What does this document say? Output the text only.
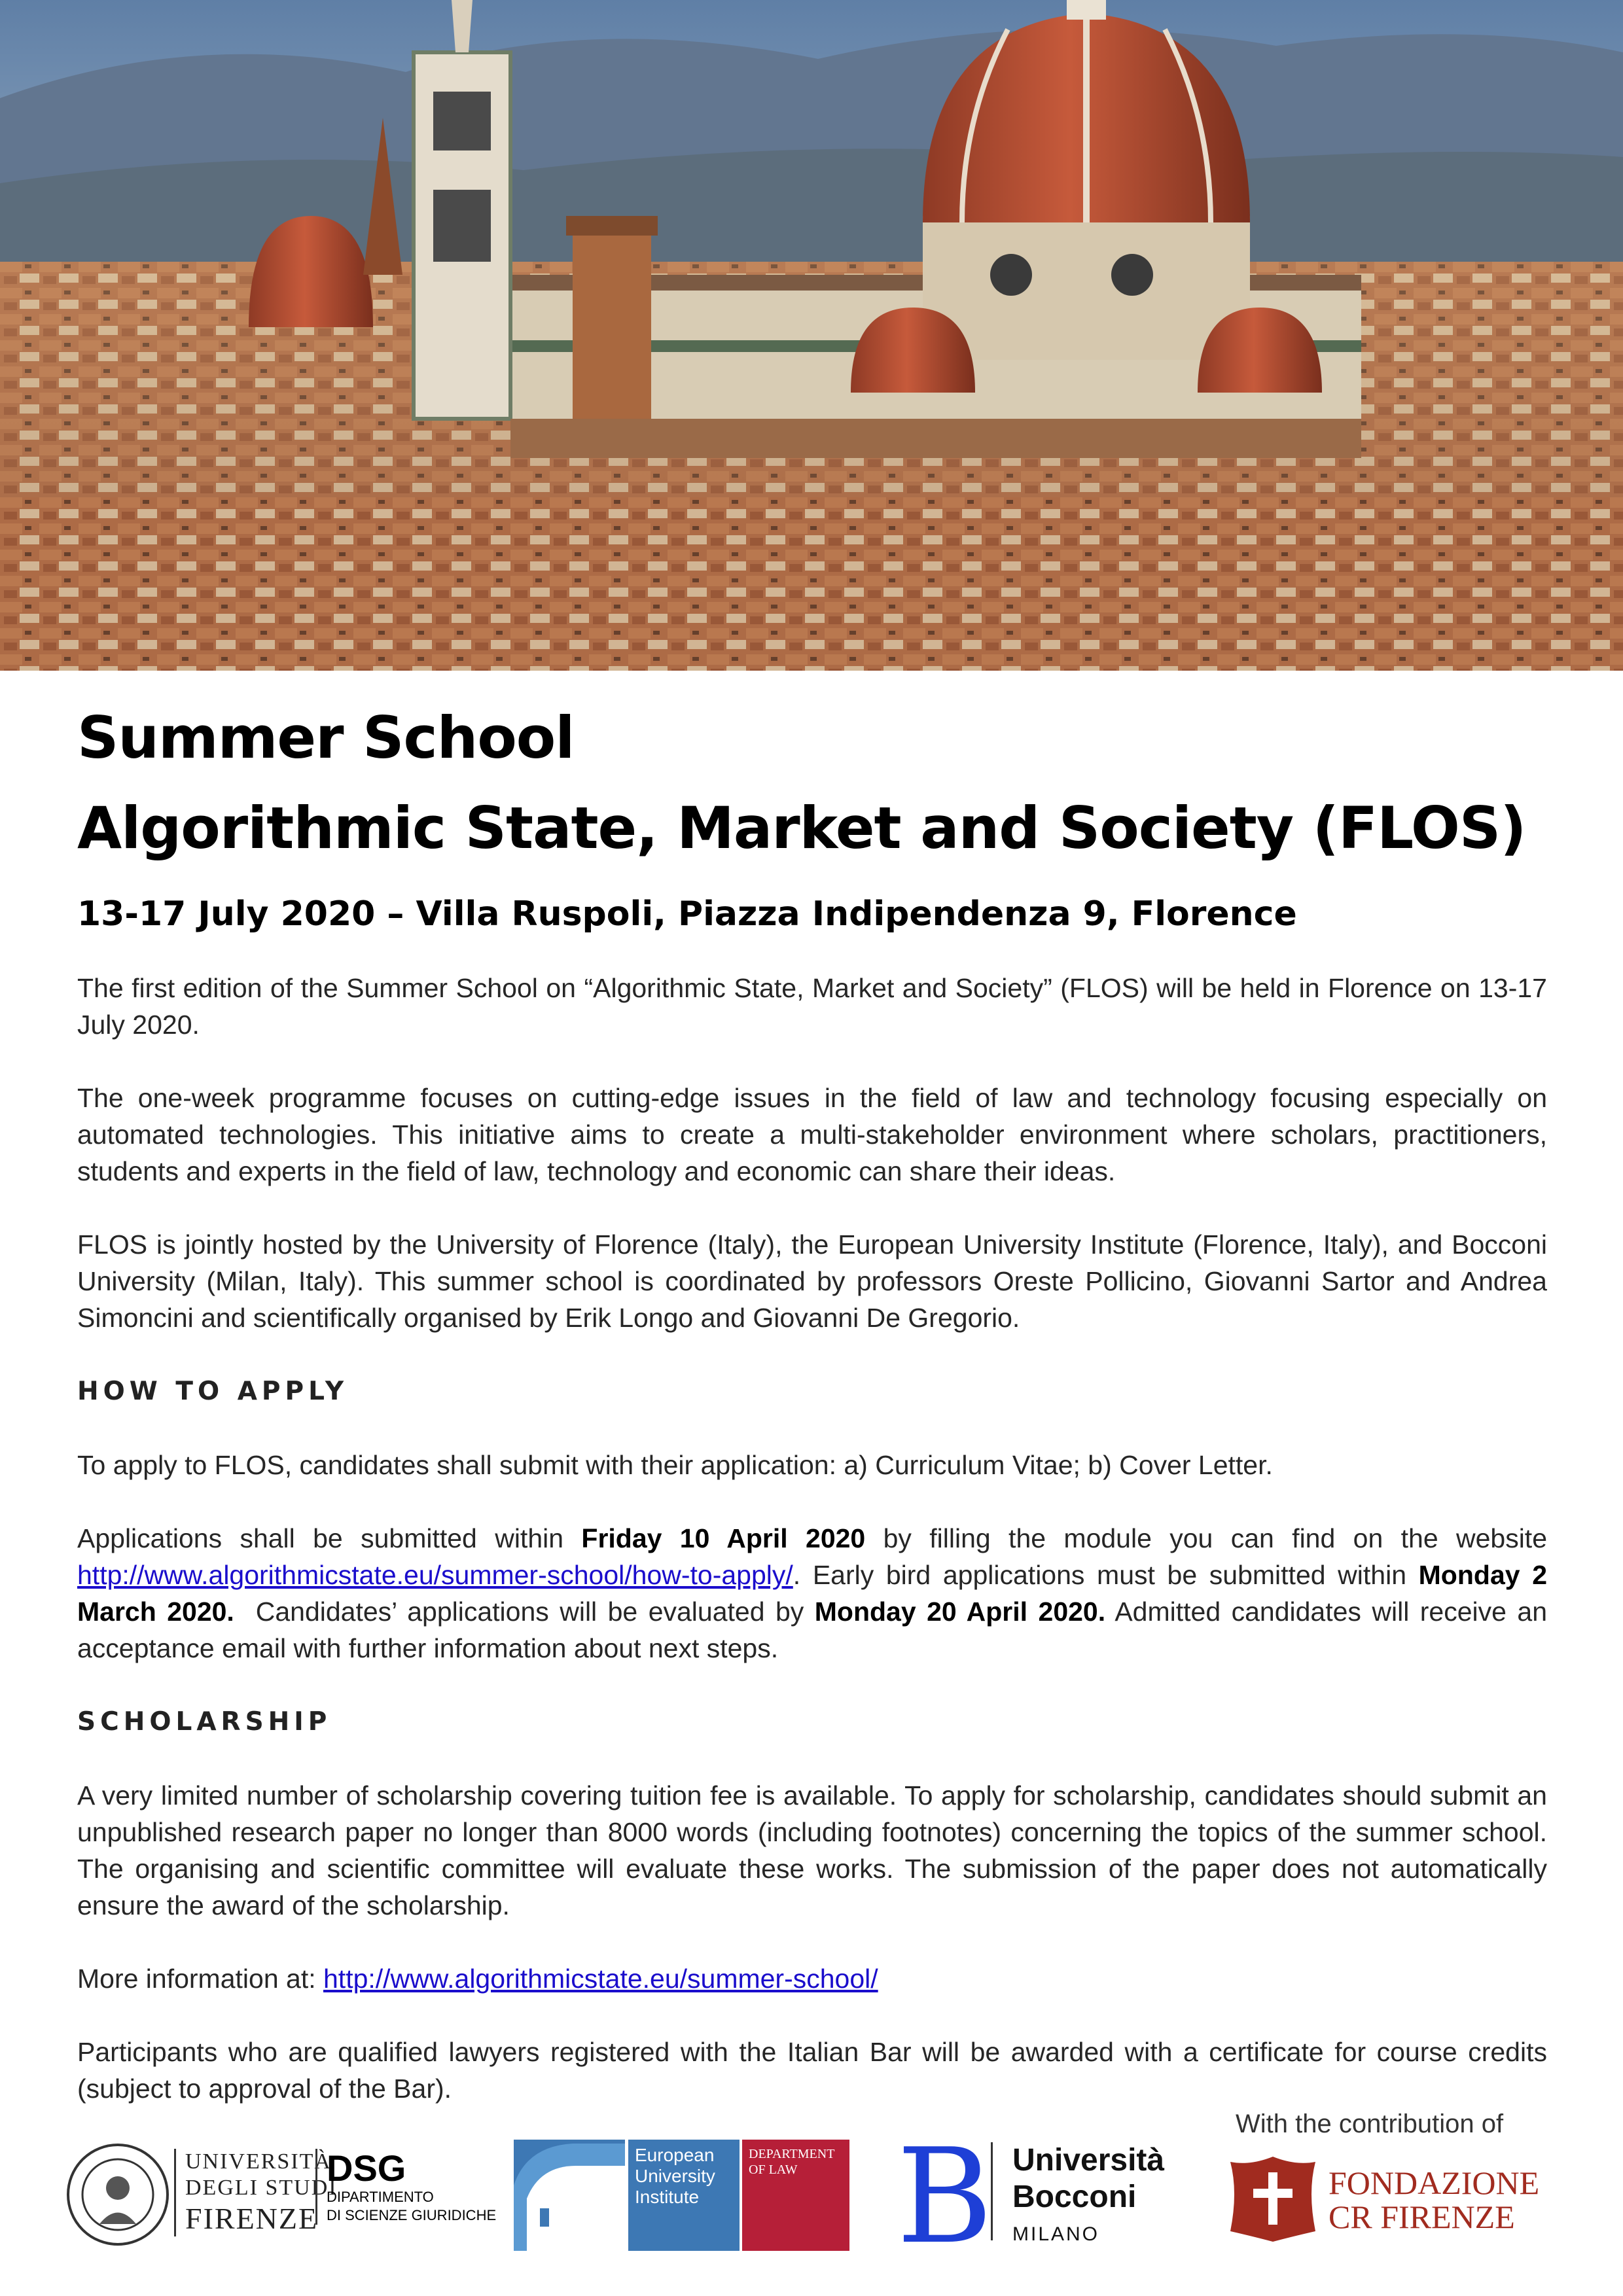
Summer School
Algorithmic State, Market and Society (FLOS)
13-17 July 2020 – Villa Ruspoli, Piazza Indipendenza 9, Florence

The first edition of the Summer School on “Algorithmic State, Market and Society” (FLOS) will be held in Florence on 13-17 July 2020.

The one-week programme focuses on cutting-edge issues in the field of law and technology focusing especially on automated technologies. This initiative aims to create a multi-stakeholder environment where scholars, practitioners, students and experts in the field of law, technology and economic can share their ideas.

FLOS is jointly hosted by the University of Florence (Italy), the European University Institute (Florence, Italy), and Bocconi University (Milan, Italy). This summer school is coordinated by professors Oreste Pollicino, Giovanni Sartor and Andrea Simoncini and scientifically organised by Erik Longo and Giovanni De Gregorio.

HOW TO APPLY

To apply to FLOS, candidates shall submit with their application: a) Curriculum Vitae; b) Cover Letter.

Applications shall be submitted within Friday 10 April 2020 by filling the module you can find on the website http://www.algorithmicstate.eu/summer-school/how-to-apply/. Early bird applications must be submitted within Monday 2 March 2020.  Candidates’ applications will be evaluated by Monday 20 April 2020. Admitted candidates will receive an acceptance email with further information about next steps.

SCHOLARSHIP

A very limited number of scholarship covering tuition fee is available. To apply for scholarship, candidates should submit an unpublished research paper no longer than 8000 words (including footnotes) concerning the topics of the summer school. The organising and scientific committee will evaluate these works. The submission of the paper does not automatically ensure the award of the scholarship.

More information at: http://www.algorithmicstate.eu/summer-school/

Participants who are qualified lawyers registered with the Italian Bar will be awarded with a certificate for course credits (subject to approval of the Bar).

With the contribution of
UNIVERSITÀ
DEGLI STUDI
FIRENZE
DSG
DIPARTIMENTO
DI SCIENZE GIURIDICHE
European
University
Institute
DEPARTMENT
OF LAW B Università
Bocconi
MILANO
FONDAZIONE
CR FIRENZE
